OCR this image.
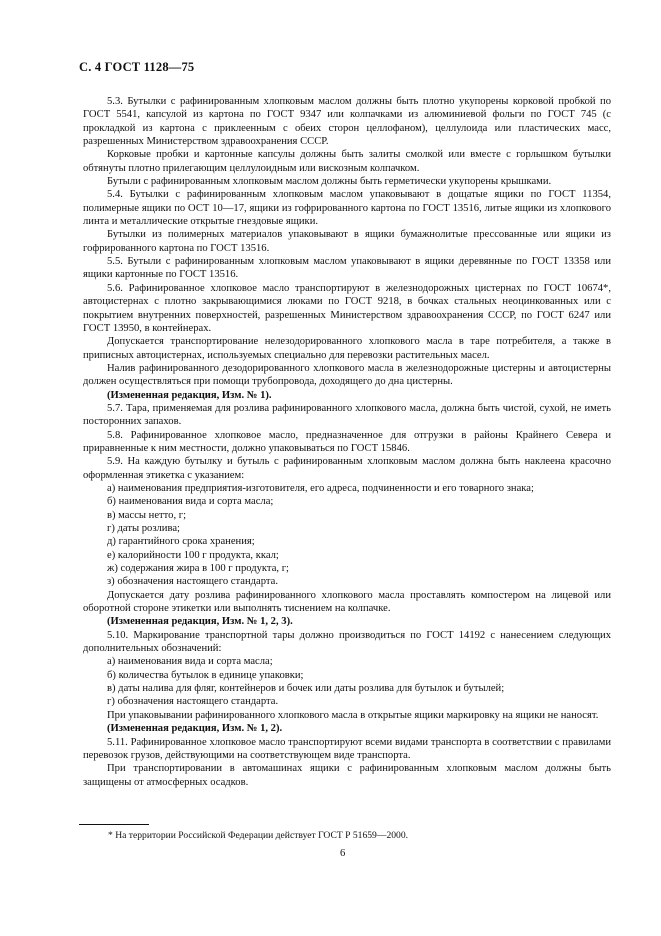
С. 4 ГОСТ 1128—75

5.3. Бутылки с рафинированным хлопковым маслом должны быть плотно укупорены корковой пробкой по ГОСТ 5541, капсулой из картона по ГОСТ 9347 или колпачками из алюминиевой фольги по ГОСТ 745 (с прокладкой из картона с приклеенным с обеих сторон целлофаном), целлулоида или пластических масс, разрешенных Министерством здравоохранения СССР.

Корковые пробки и картонные капсулы должны быть залиты смолкой или вместе с горлышком бутылки обтянуты плотно прилегающим целлулоидным или вискозным колпачком.

Бутыли с рафинированным хлопковым маслом должны быть герметически укупорены крышками.

5.4. Бутылки с рафинированным хлопковым маслом упаковывают в дощатые ящики по ГОСТ 11354, полимерные ящики по ОСТ 10—17, ящики из гофрированного картона по ГОСТ 13516, литые ящики из хлопкового линта и металлические открытые гнездовые ящики.

Бутылки из полимерных материалов упаковывают в ящики бумажнолитые прессованные или ящики из гофрированного картона по ГОСТ 13516.

5.5. Бутыли с рафинированным хлопковым маслом упаковывают в ящики деревянные по ГОСТ 13358 или ящики картонные по ГОСТ 13516.

5.6. Рафинированное хлопковое масло транспортируют в железнодорожных цистернах по ГОСТ 10674*, автоцистернах с плотно закрывающимися люками по ГОСТ 9218, в бочках стальных неоцинкованных или с покрытием внутренних поверхностей, разрешенных Министерством здравоохранения СССР, по ГОСТ 6247 или ГОСТ 13950, в контейнерах.

Допускается транспортирование нелезодорированного хлопкового масла в таре потребителя, а также в приписных автоцистернах, используемых специально для перевозки растительных масел.

Налив рафинированного дезодорированного хлопкового масла в железнодорожные цистерны и автоцистерны должен осуществляться при помощи трубопровода, доходящего до дна цистерны.

(Измененная редакция, Изм. № 1).

5.7. Тара, применяемая для розлива рафинированного хлопкового масла, должна быть чистой, сухой, не иметь посторонних запахов.

5.8. Рафинированное хлопковое масло, предназначенное для отгрузки в районы Крайнего Севера и приравненные к ним местности, должно упаковываться по ГОСТ 15846.

5.9. На каждую бутылку и бутыль с рафинированным хлопковым маслом должна быть наклеена красочно оформленная этикетка с указанием:

а) наименования предприятия-изготовителя, его адреса, подчиненности и его товарного знака;

б) наименования вида и сорта масла;

в) массы нетто, г;

г) даты розлива;

д) гарантийного срока хранения;

е) калорийности 100 г продукта, ккал;

ж) содержания жира в 100 г продукта, г;

з) обозначения настоящего стандарта.

Допускается дату розлива рафинированного хлопкового масла проставлять компостером на лицевой или оборотной стороне этикетки или выполнять тиснением на колпачке.

(Измененная редакция, Изм. № 1, 2, 3).

5.10. Маркирование транспортной тары должно производиться по ГОСТ 14192 с нанесением следующих дополнительных обозначений:

а) наименования вида и сорта масла;

б) количества бутылок в единице упаковки;

в) даты налива для фляг, контейнеров и бочек или даты розлива для бутылок и бутылей;

г) обозначения настоящего стандарта.

При упаковывании рафинированного хлопкового масла в открытые ящики маркировку на ящики не наносят.

(Измененная редакция, Изм. № 1, 2).

5.11. Рафинированное хлопковое масло транспортируют всеми видами транспорта в соответствии с правилами перевозок грузов, действующими на соответствующем виде транспорта.

При транспортировании в автомашинах ящики с рафинированным хлопковым маслом должны быть защищены от атмосферных осадков.

* На территории Российской Федерации действует ГОСТ Р 51659—2000.
6
